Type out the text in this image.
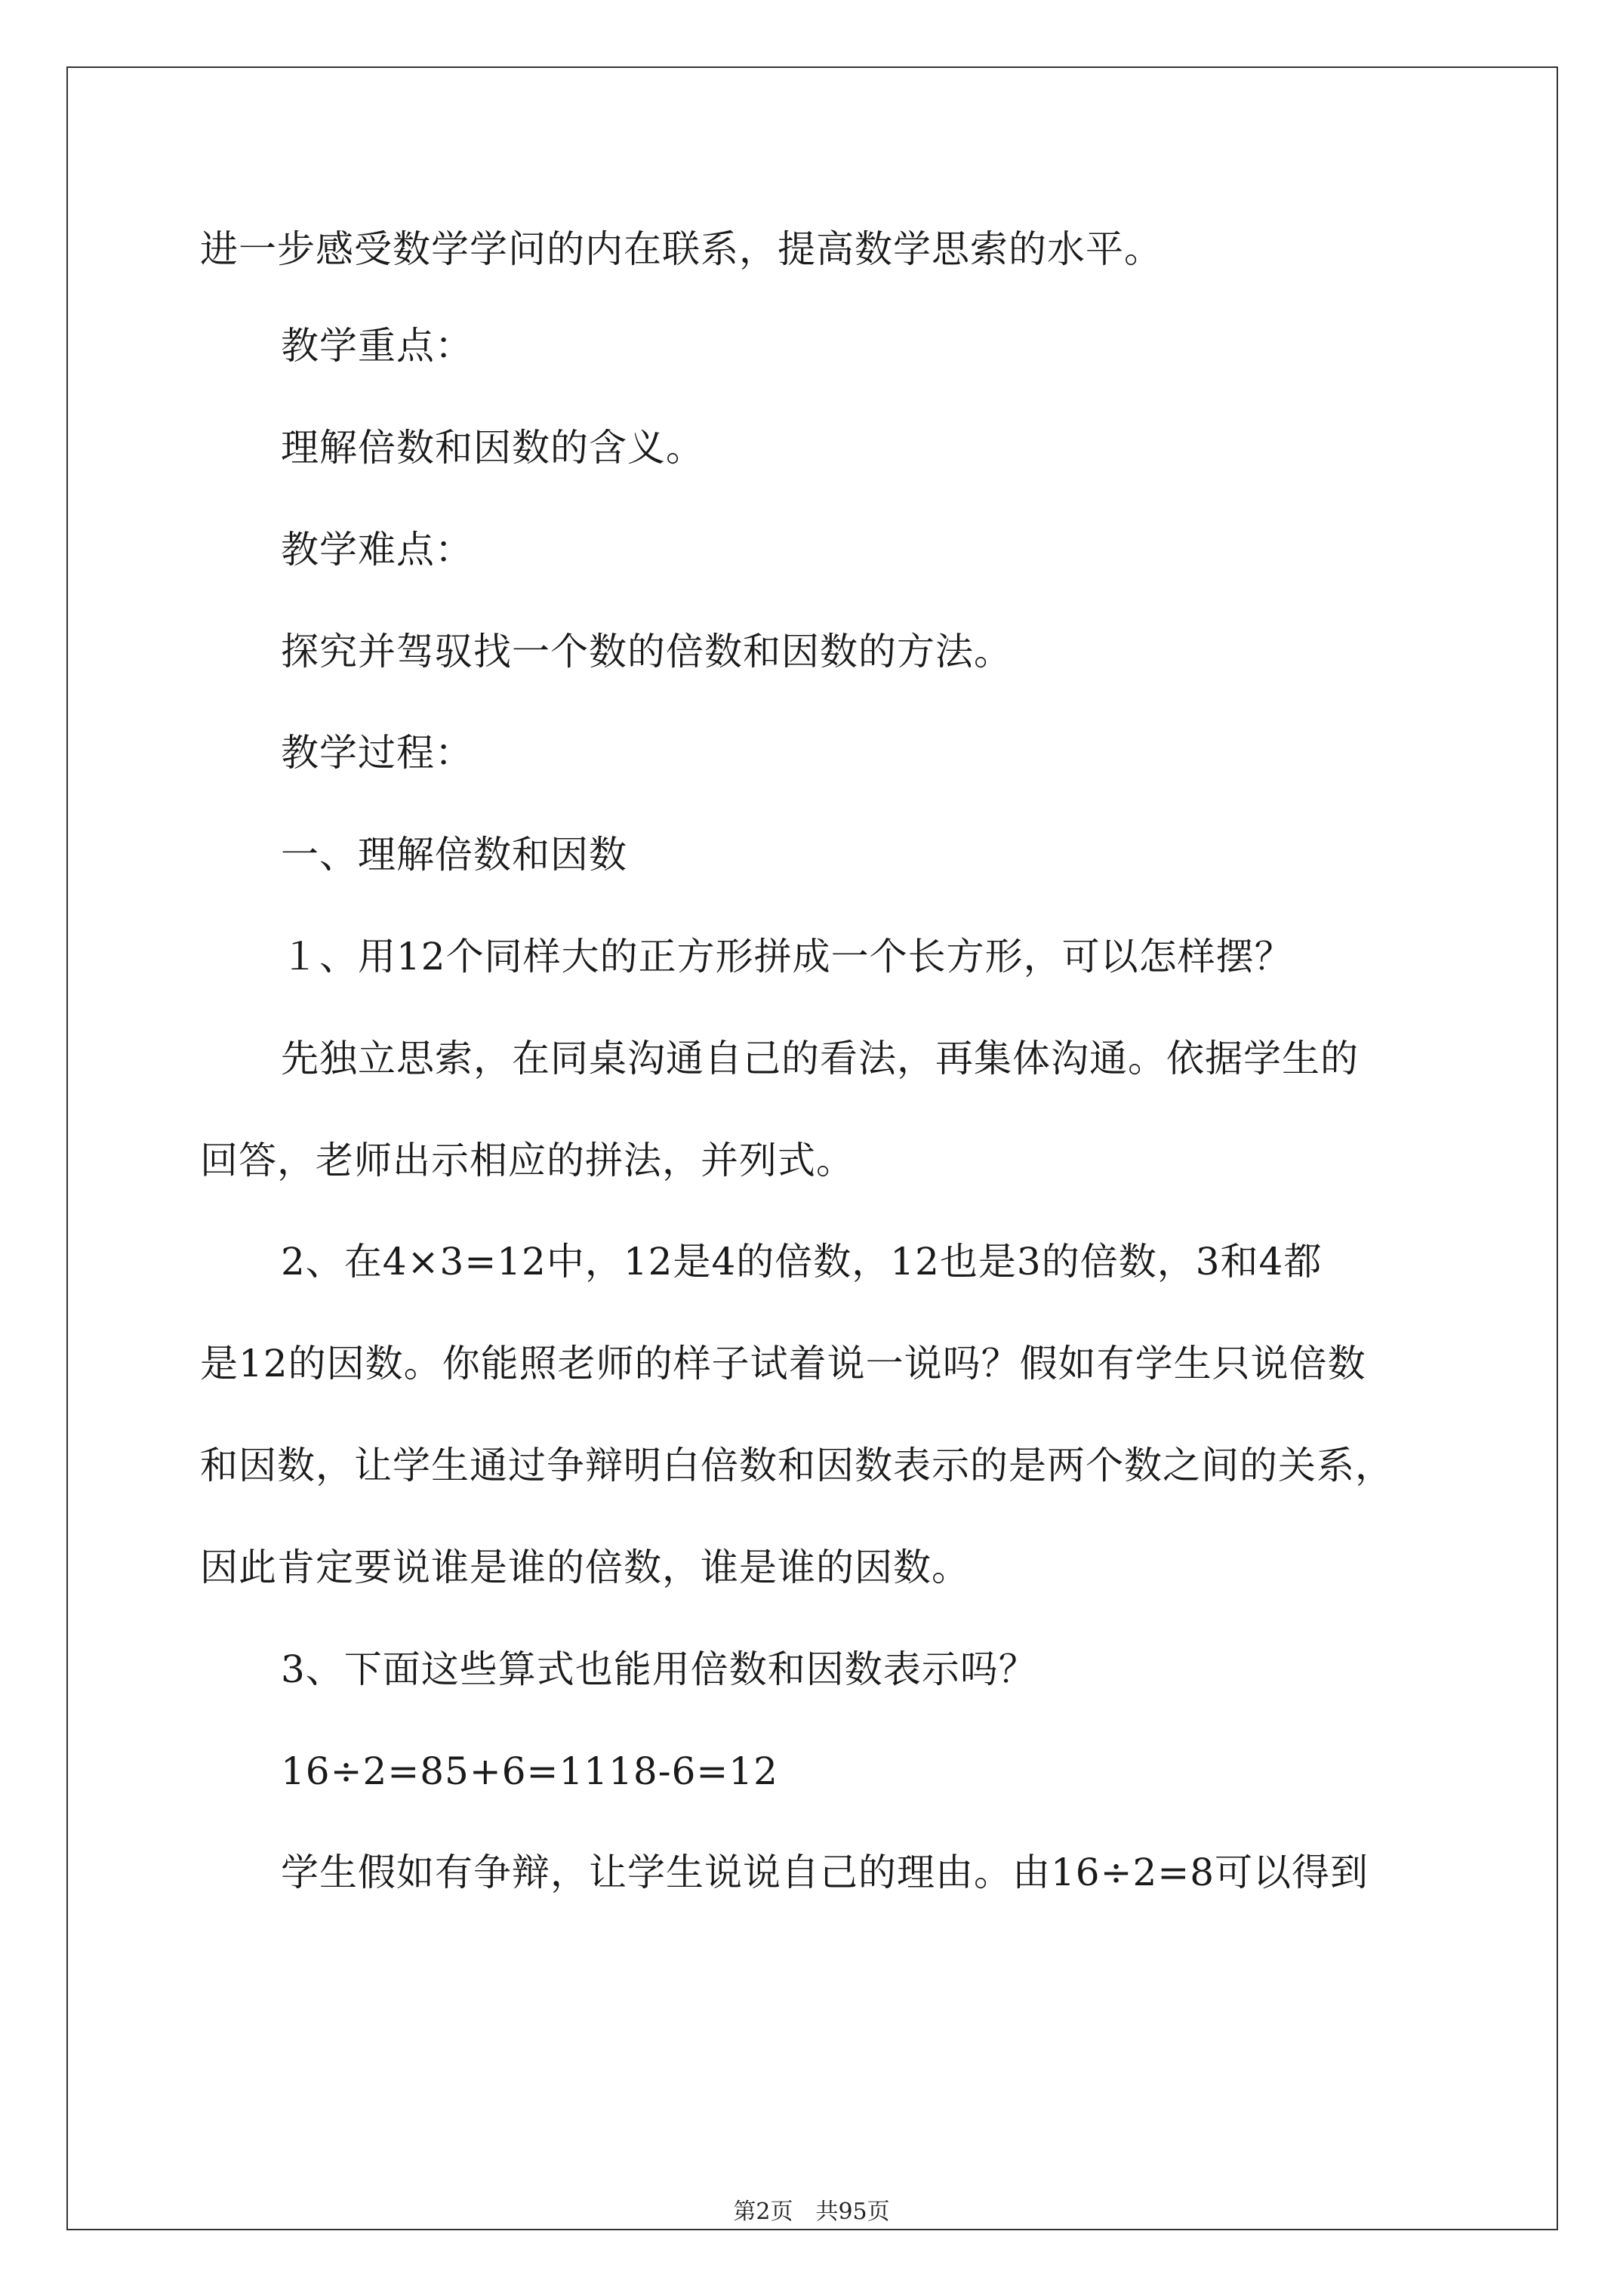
进一步感受数学学问的内在联系，提高数学思索的水平。
教学重点：
理解倍数和因数的含义。
教学难点：
探究并驾驭找一个数的倍数和因数的方法。
教学过程：
一、理解倍数和因数
１、用12个同样大的正方形拼成一个长方形，可以怎样摆？
先独立思索，在同桌沟通自己的看法，再集体沟通。依据学生的
回答，老师出示相应的拼法，并列式。
2、在4×3=12中，12是4的倍数，12也是3的倍数，3和4都
是12的因数。你能照老师的样子试着说一说吗？假如有学生只说倍数
和因数，让学生通过争辩明白倍数和因数表示的是两个数之间的关系，
因此肯定要说谁是谁的倍数，谁是谁的因数。
3、下面这些算式也能用倍数和因数表示吗？
16÷2=85+6=1118-6=12
学生假如有争辩，让学生说说自己的理由。由16÷2=8可以得到
第2页　共95页
